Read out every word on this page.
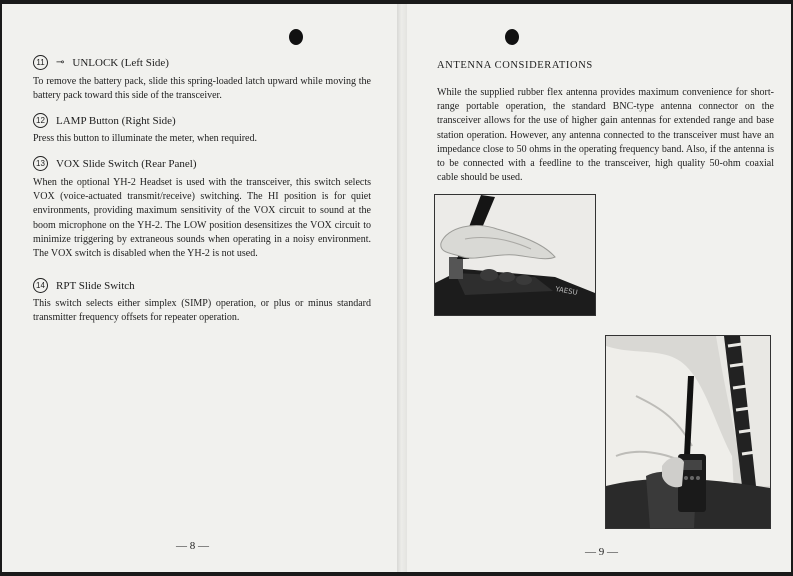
11	⊸ UNLOCK (Left Side)

To remove the battery pack, slide this spring-loaded latch upward while moving the battery pack toward this side of the transceiver.

12 LAMP Button (Right Side)

Press this button to illuminate the meter, when required.

13 VOX Slide Switch (Rear Panel)

When the optional YH-2 Headset is used with the transceiver, this switch selects VOX (voice-actuated transmit/receive) switching. The HI position is for quiet environments, providing maximum sensitivity of the VOX circuit to sound at the boom microphone on the YH-2. The LOW position desensitizes the VOX circuit to minimize triggering by extraneous sounds when operating in a noisy environment. The VOX switch is disabled when the YH-2 is not used.

14 RPT Slide Switch

This switch selects either simplex (SIMP) operation, or plus or minus standard transmitter frequency offsets for repeater operation.

— 8 —
ANTENNA CONSIDERATIONS

While the supplied rubber flex antenna provides maximum convenience for short-range portable operation, the standard BNC-type antenna connector on the transceiver allows for the use of higher gain antennas for extended range and base station operation. However, any antenna connected to the transceiver must have an impedance close to 50 ohms in the operating frequency band. Also, if the antenna is to be connected with a feedline to the transceiver, high quality 50-ohm coaxial cable should be used.

YAESU
— 9 —
